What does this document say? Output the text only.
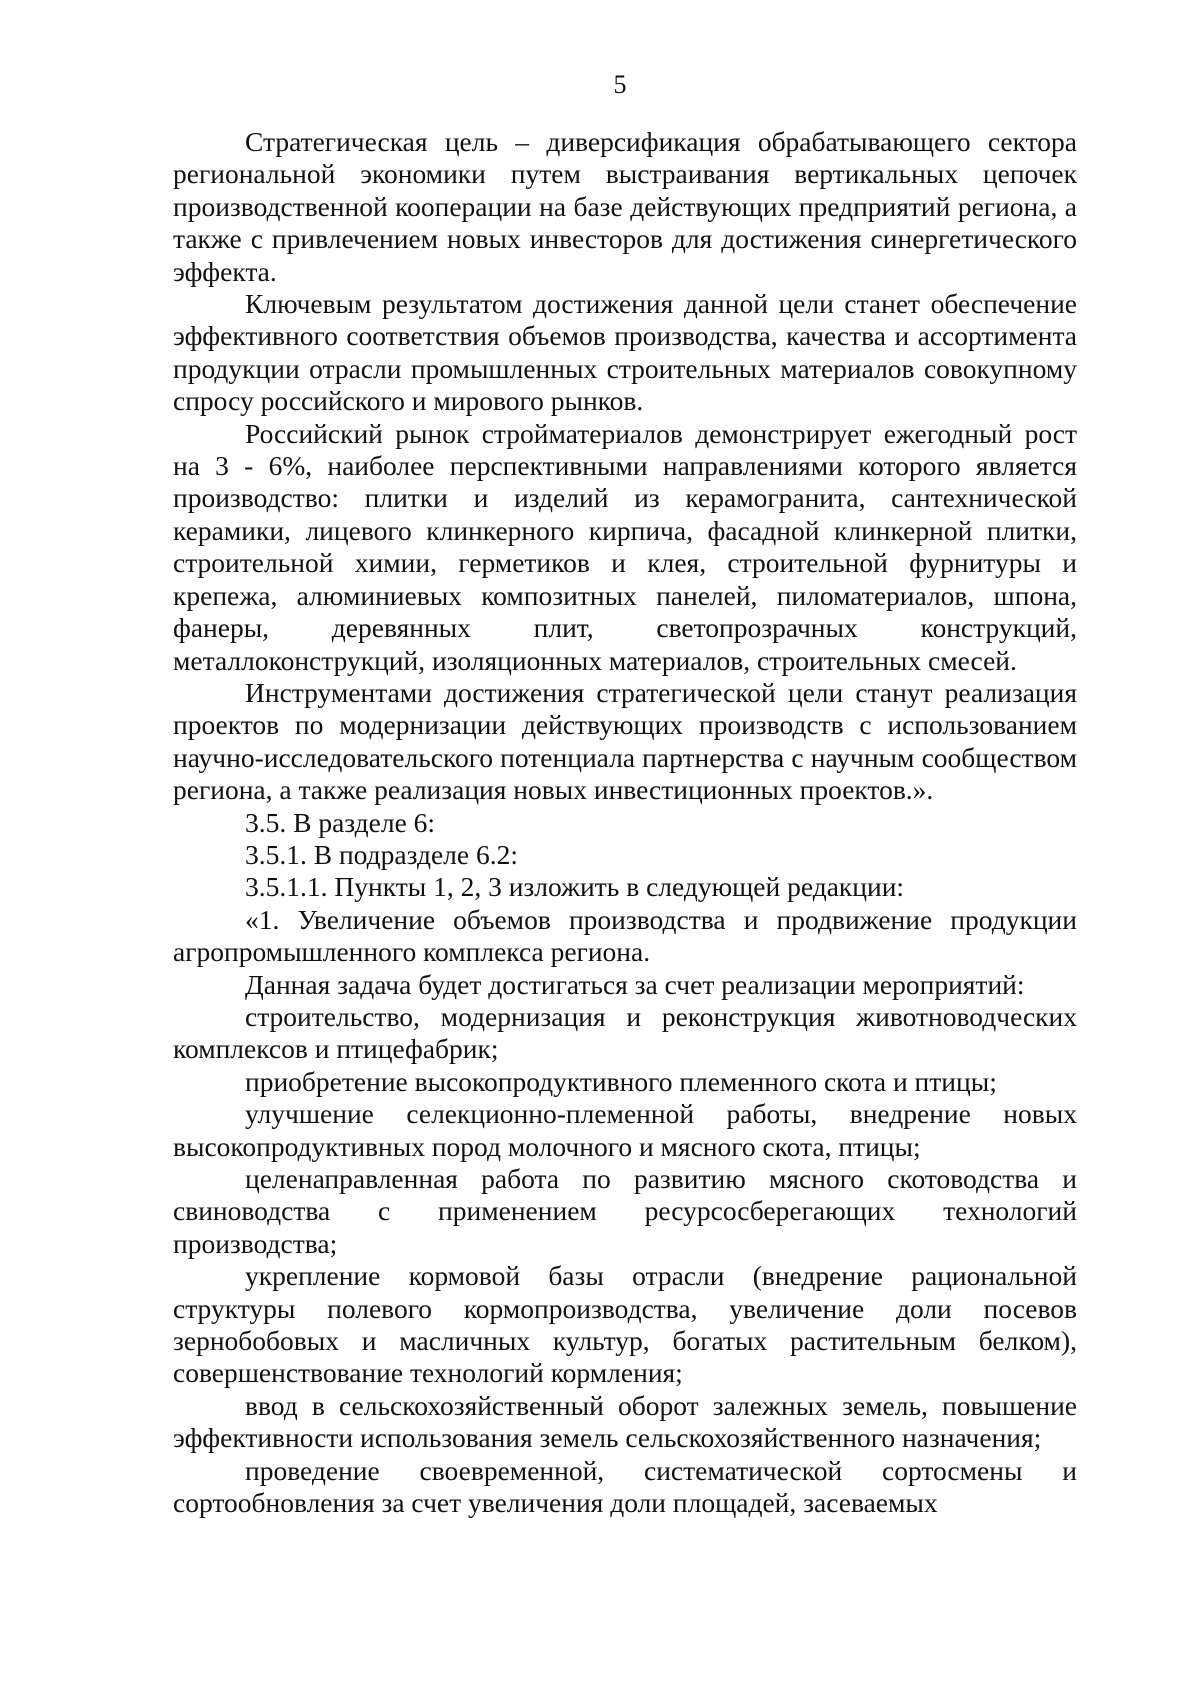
5

Стратегическая цель – диверсификация обрабатывающего сектора региональной экономики путем выстраивания вертикальных цепочек производственной кооперации на базе действующих предприятий региона, а также с привлечением новых инвесторов для достижения синергетического эффекта.

Ключевым результатом достижения данной цели станет обеспечение эффективного соответствия объемов производства, качества и ассортимента продукции отрасли промышленных строительных материалов совокупному спросу российского и мирового рынков.

Российский рынок стройматериалов демонстрирует ежегодный рост на 3 - 6%, наиболее перспективными направлениями которого является производство: плитки и изделий из керамогранита, сантехнической керамики, лицевого клинкерного кирпича, фасадной клинкерной плитки, строительной химии, герметиков и клея, строительной фурнитуры и крепежа, алюминиевых композитных панелей, пиломатериалов, шпона, фанеры, деревянных плит, светопрозрачных конструкций, металлоконструкций, изоляционных материалов, строительных смесей.

Инструментами достижения стратегической цели станут реализация проектов по модернизации действующих производств с использованием научно-исследовательского потенциала партнерства с научным сообществом региона, а также реализация новых инвестиционных проектов.».

3.5. В разделе 6:

3.5.1. В подразделе 6.2:

3.5.1.1. Пункты 1, 2, 3 изложить в следующей редакции:

«1. Увеличение объемов производства и продвижение продукции агропромышленного комплекса региона.

Данная задача будет достигаться за счет реализации мероприятий:

строительство, модернизация и реконструкция животноводческих комплексов и птицефабрик;

приобретение высокопродуктивного племенного скота и птицы;

улучшение селекционно-племенной работы, внедрение новых высокопродуктивных пород молочного и мясного скота, птицы;

целенаправленная работа по развитию мясного скотоводства и свиноводства с применением ресурсосберегающих технологий производства;

укрепление кормовой базы отрасли (внедрение рациональной структуры полевого кормопроизводства, увеличение доли посевов зернобобовых и масличных культур, богатых растительным белком), совершенствование технологий кормления;

ввод в сельскохозяйственный оборот залежных земель, повышение эффективности использования земель сельскохозяйственного назначения;

проведение своевременной, систематической сортосмены и сортообновления за счет увеличения доли площадей, засеваемых
